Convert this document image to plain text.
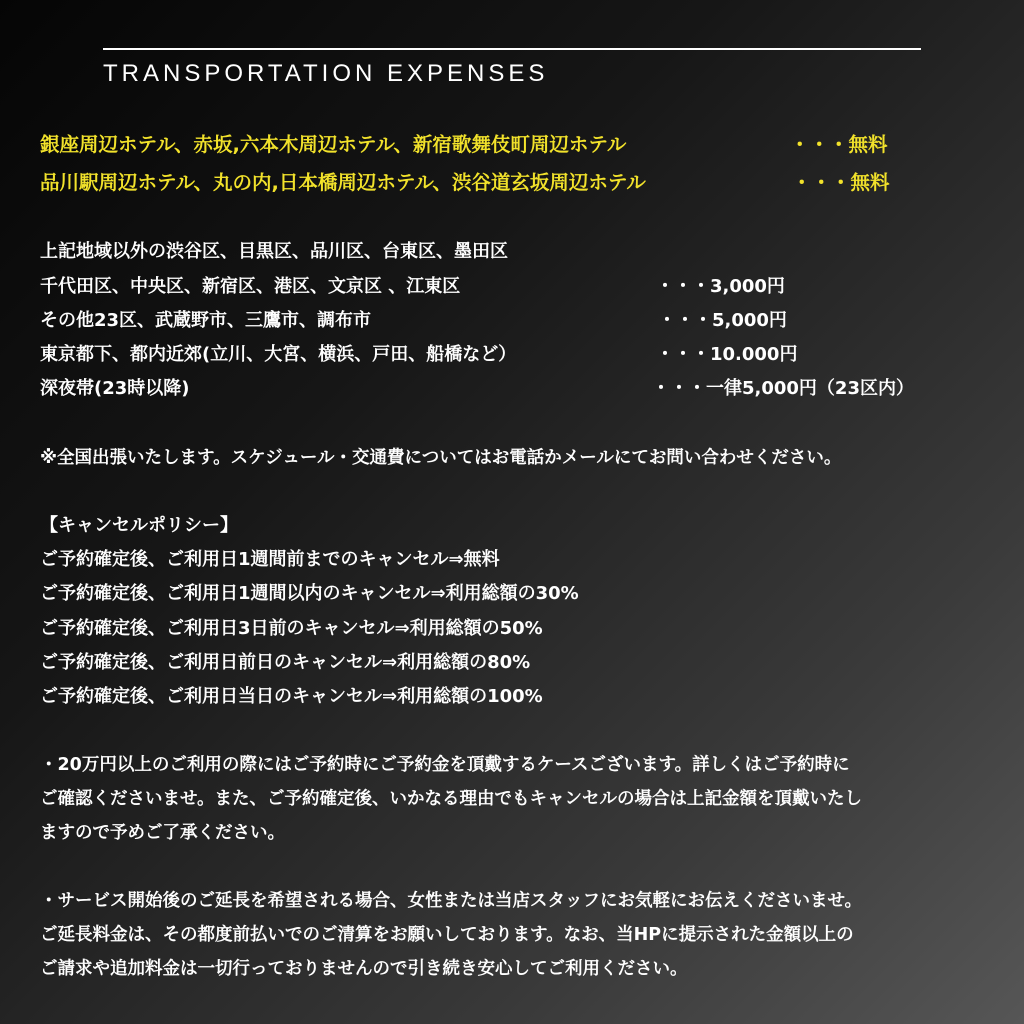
TRANSPORTATION EXPENSES
銀座周辺ホテル、赤坂,六本木周辺ホテル、新宿歌舞伎町周辺ホテル	・・・無料
品川駅周辺ホテル、丸の内,日本橋周辺ホテル、渋谷道玄坂周辺ホテル	・・・無料
上記地域以外の渋谷区、目黒区、品川区、台東区、墨田区
千代田区、中央区、新宿区、港区、文京区 、江東区	・・・3,000円
その他23区、武蔵野市、三鷹市、調布市	・・・5,000円
東京都下、都内近郊(立川、大宮、横浜、戸田、船橋など）	・・・10.000円
深夜帯(23時以降)	・・・一律5,000円（23区内）
※全国出張いたします。スケジュール・交通費についてはお電話かメールにてお問い合わせください。
【キャンセルポリシー】
ご予約確定後、ご利用日1週間前までのキャンセル⇒無料
ご予約確定後、ご利用日1週間以内のキャンセル⇒利用総額の30%
ご予約確定後、ご利用日3日前のキャンセル⇒利用総額の50%
ご予約確定後、ご利用日前日のキャンセル⇒利用総額の80%
ご予約確定後、ご利用日当日のキャンセル⇒利用総額の100%
・20万円以上のご利用の際にはご予約時にご予約金を頂戴するケースございます。詳しくはご予約時に
ご確認くださいませ。また、ご予約確定後、いかなる理由でもキャンセルの場合は上記金額を頂戴いたし
ますので予めご了承ください。
・サービス開始後のご延長を希望される場合、女性または当店スタッフにお気軽にお伝えくださいませ。
ご延長料金は、その都度前払いでのご清算をお願いしております。なお、当HPに提示された金額以上の
ご請求や追加料金は一切行っておりませんので引き続き安心してご利用ください。
